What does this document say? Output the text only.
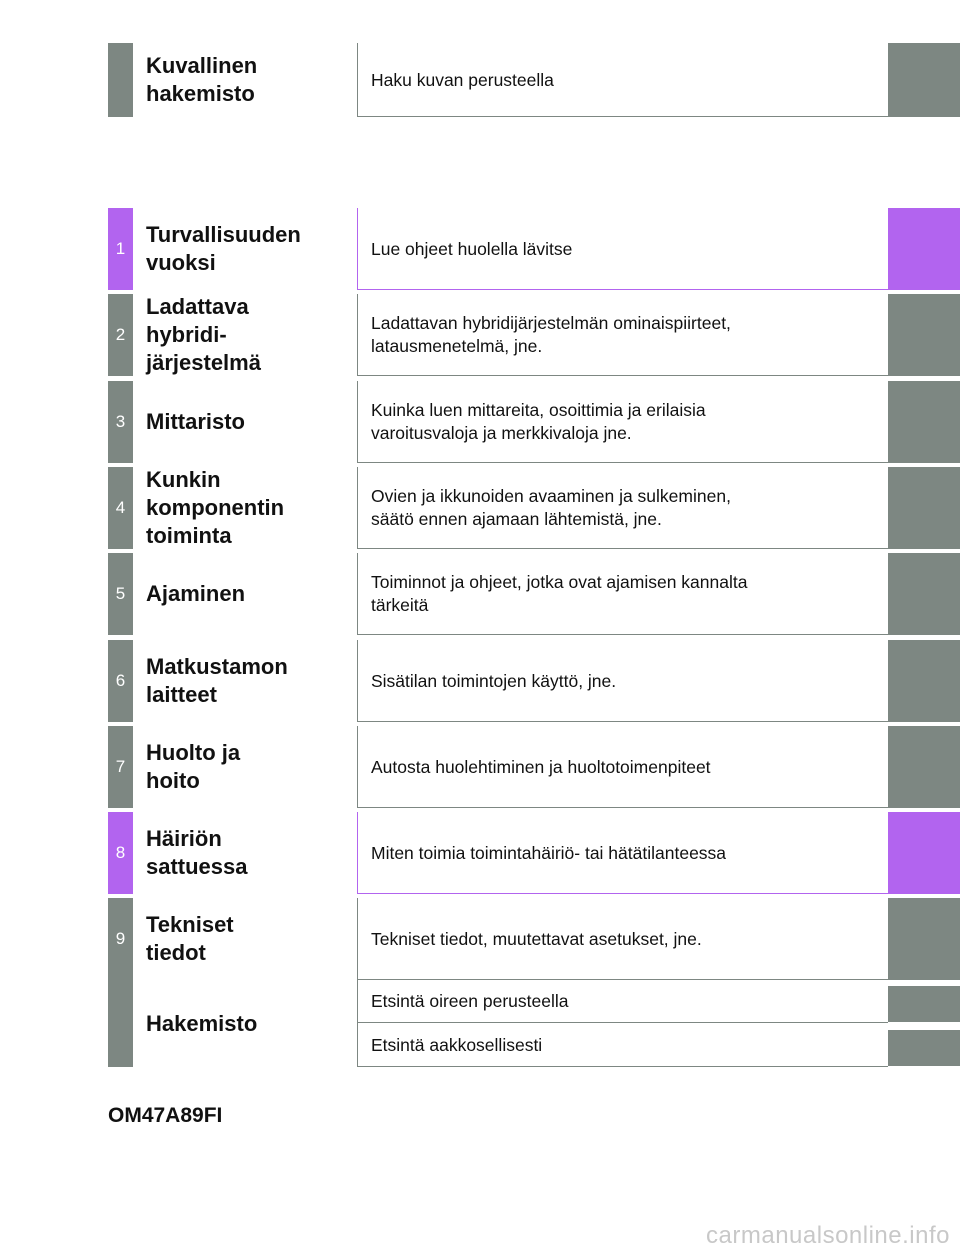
Kuvallinen
hakemisto
Haku kuvan perusteella
1
Turvallisuuden
vuoksi
Lue ohjeet huolella lävitse
2
Ladattava
hybridi-
järjestelmä
Ladattavan hybridijärjestelmän ominaispiirteet,
latausmenetelmä, jne.
3 Mittaristo	Kuinka luen mittareita, osoittimia ja erilaisia
varoitusvaloja ja merkkivaloja jne.
4
Kunkin
komponentin
toiminta
Ovien ja ikkunoiden avaaminen ja sulkeminen,
säätö ennen ajamaan lähtemistä, jne.
5 Ajaminen	Toiminnot ja ohjeet, jotka ovat ajamisen kannalta
tärkeitä
6
Matkustamon
laitteet
Sisätilan toimintojen käyttö, jne.
7
Huolto ja
hoito
Autosta huolehtiminen ja huoltotoimenpiteet
8
Häiriön
sattuessa
Miten toimia toimintahäiriö- tai hätätilanteessa
9
Tekniset
tiedot
Tekniset tiedot, muutettavat asetukset, jne.
Hakemisto
Etsintä oireen perusteella
Etsintä aakkosellisesti
OM47A89FI
carmanualsonline.info
